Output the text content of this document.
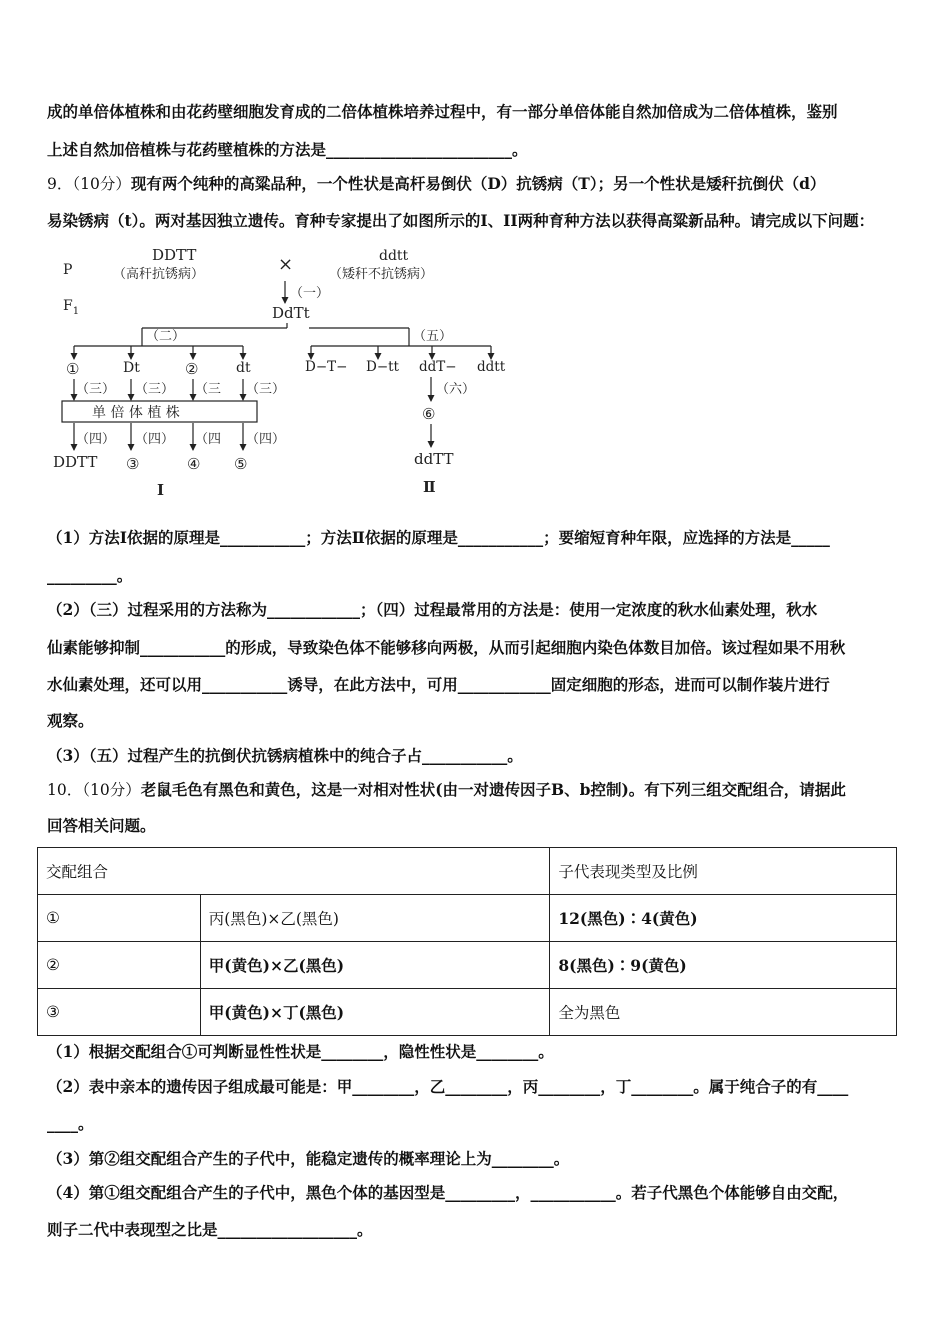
成的单倍体植株和由花药壁细胞发育成的二倍体植株培养过程中，有一部分单倍体能自然加倍成为二倍体植株，鉴别
上述自然加倍植株与花药壁植株的方法是________________________。
9．（10分）现有两个纯种的高粱品种，一个性状是高杆易倒伏（D）抗锈病（T）；另一个性状是矮秆抗倒伏（d）
易染锈病（t）。两对基因独立遗传。育种专家提出了如图所示的I、II两种育种方法以获得高粱新品种。请完成以下问题：
P
$F_1$
DDTT
（高秆抗锈病）	×	ddtt
（矮秆不抗锈病）
（一）
DdTt
（二）
①	Dt	②	dt
（三） （三） （三 （三）
单 倍 体 植 株
（四） （四） （四 （四）
DDTT ③	④ ⑤
I
（五）
D−T− D−tt ddT− ddtt
（六）
⑥
ddTT
Ⅱ
（1）方法Ⅰ依据的原理是___________；方法Ⅱ依据的原理是___________；要缩短育种年限，应选择的方法是_____
_________。
（2）（三）过程采用的方法称为____________；（四）过程最常用的方法是：使用一定浓度的秋水仙素处理，秋水
仙素能够抑制___________的形成，导致染色体不能够移向两极，从而引起细胞内染色体数目加倍。该过程如果不用秋
水仙素处理，还可以用___________诱导，在此方法中，可用____________固定细胞的形态，进而可以制作装片进行
观察。
（3）（五）过程产生的抗倒伏抗锈病植株中的纯合子占___________。
10．（10分）老鼠毛色有黑色和黄色，这是一对相对性状(由一对遗传因子B、b控制)。有下列三组交配组合，请据此
回答相关问题。
交配组合		子代表现类型及比例
①	丙(黑色)×乙(黑色)	12(黑色)∶4(黄色)
②	甲(黄色)×乙(黑色)	8(黑色)∶9(黄色)
③	甲(黄色)×丁(黑色)	全为黑色
（1）根据交配组合①可判断显性性状是________，隐性性状是________。
（2）表中亲本的遗传因子组成最可能是：甲________，乙________，丙________，丁________。属于纯合子的有____
____。
（3）第②组交配组合产生的子代中，能稳定遗传的概率理论上为________。
（4）第①组交配组合产生的子代中，黑色个体的基因型是_________，___________。若子代黑色个体能够自由交配，
则子二代中表现型之比是__________________。
